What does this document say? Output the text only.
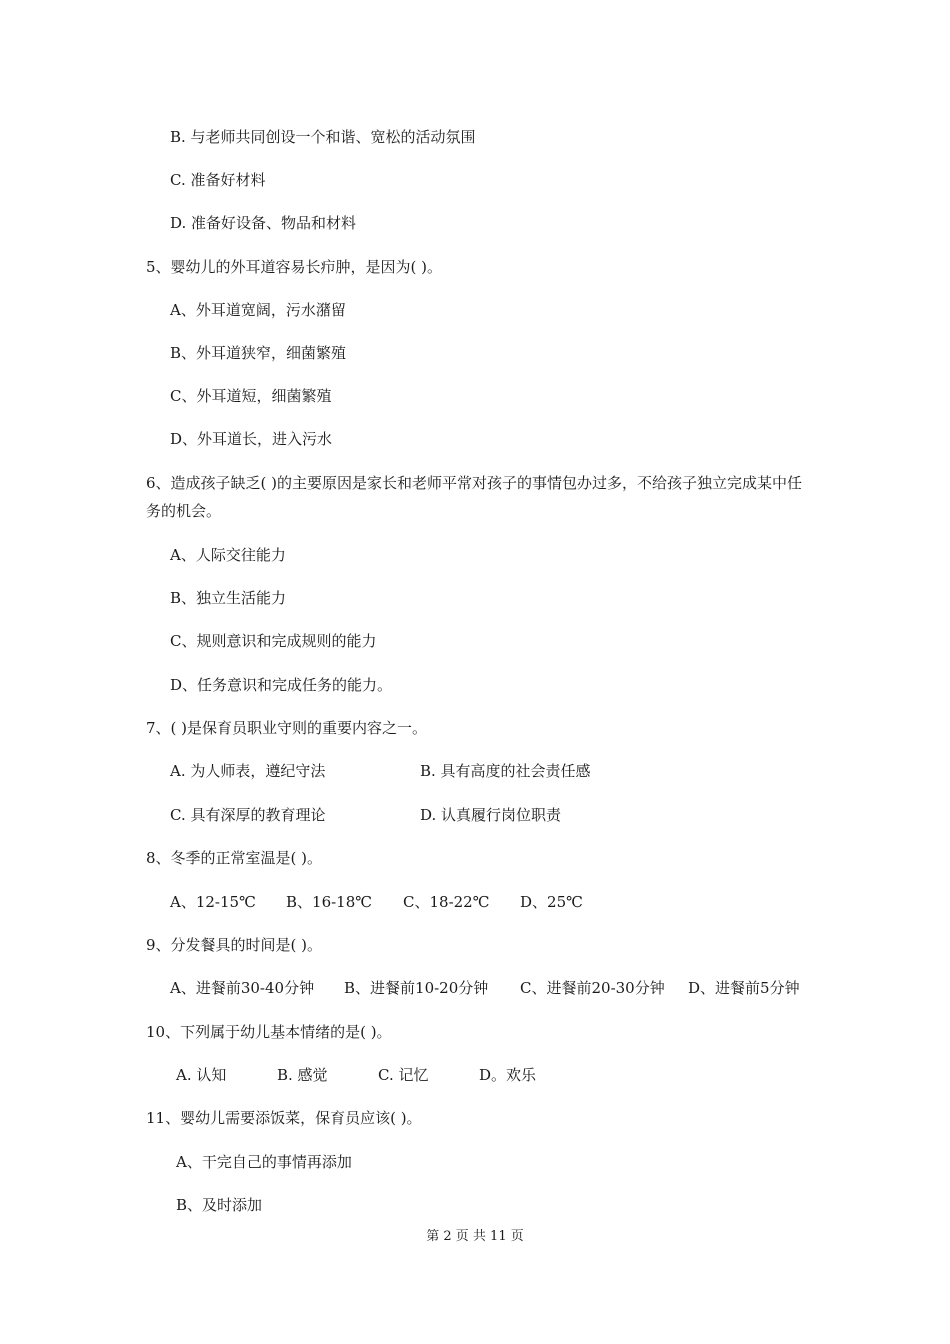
B. 与老师共同创设一个和谐、宽松的活动氛围
C. 准备好材料
D. 准备好设备、物品和材料
5、婴幼儿的外耳道容易长疖肿，是因为( )。
A、外耳道宽阔，污水潴留
B、外耳道狭窄，细菌繁殖
C、外耳道短，细菌繁殖
D、外耳道长，进入污水
6、造成孩子缺乏( )的主要原因是家长和老师平常对孩子的事情包办过多，不给孩子独立完成某中任务的机会。
A、人际交往能力
B、独立生活能力
C、规则意识和完成规则的能力
D、任务意识和完成任务的能力。
7、( )是保育员职业守则的重要内容之一。
A. 为人师表，遵纪守法	B. 具有高度的社会责任感
C. 具有深厚的教育理论	D. 认真履行岗位职责
8、冬季的正常室温是( )。
A、12-15℃ B、16-18℃ C、18-22℃ D、25℃
9、分发餐具的时间是( )。
A、进餐前30-40分钟 B、进餐前10-20分钟 C、进餐前20-30分钟 D、进餐前5分钟
10、下列属于幼儿基本情绪的是( )。
A. 认知	B. 感觉	C. 记忆	D。欢乐
11、婴幼儿需要添饭菜，保育员应该( )。
A、干完自己的事情再添加
B、及时添加
第 2 页 共 11 页
